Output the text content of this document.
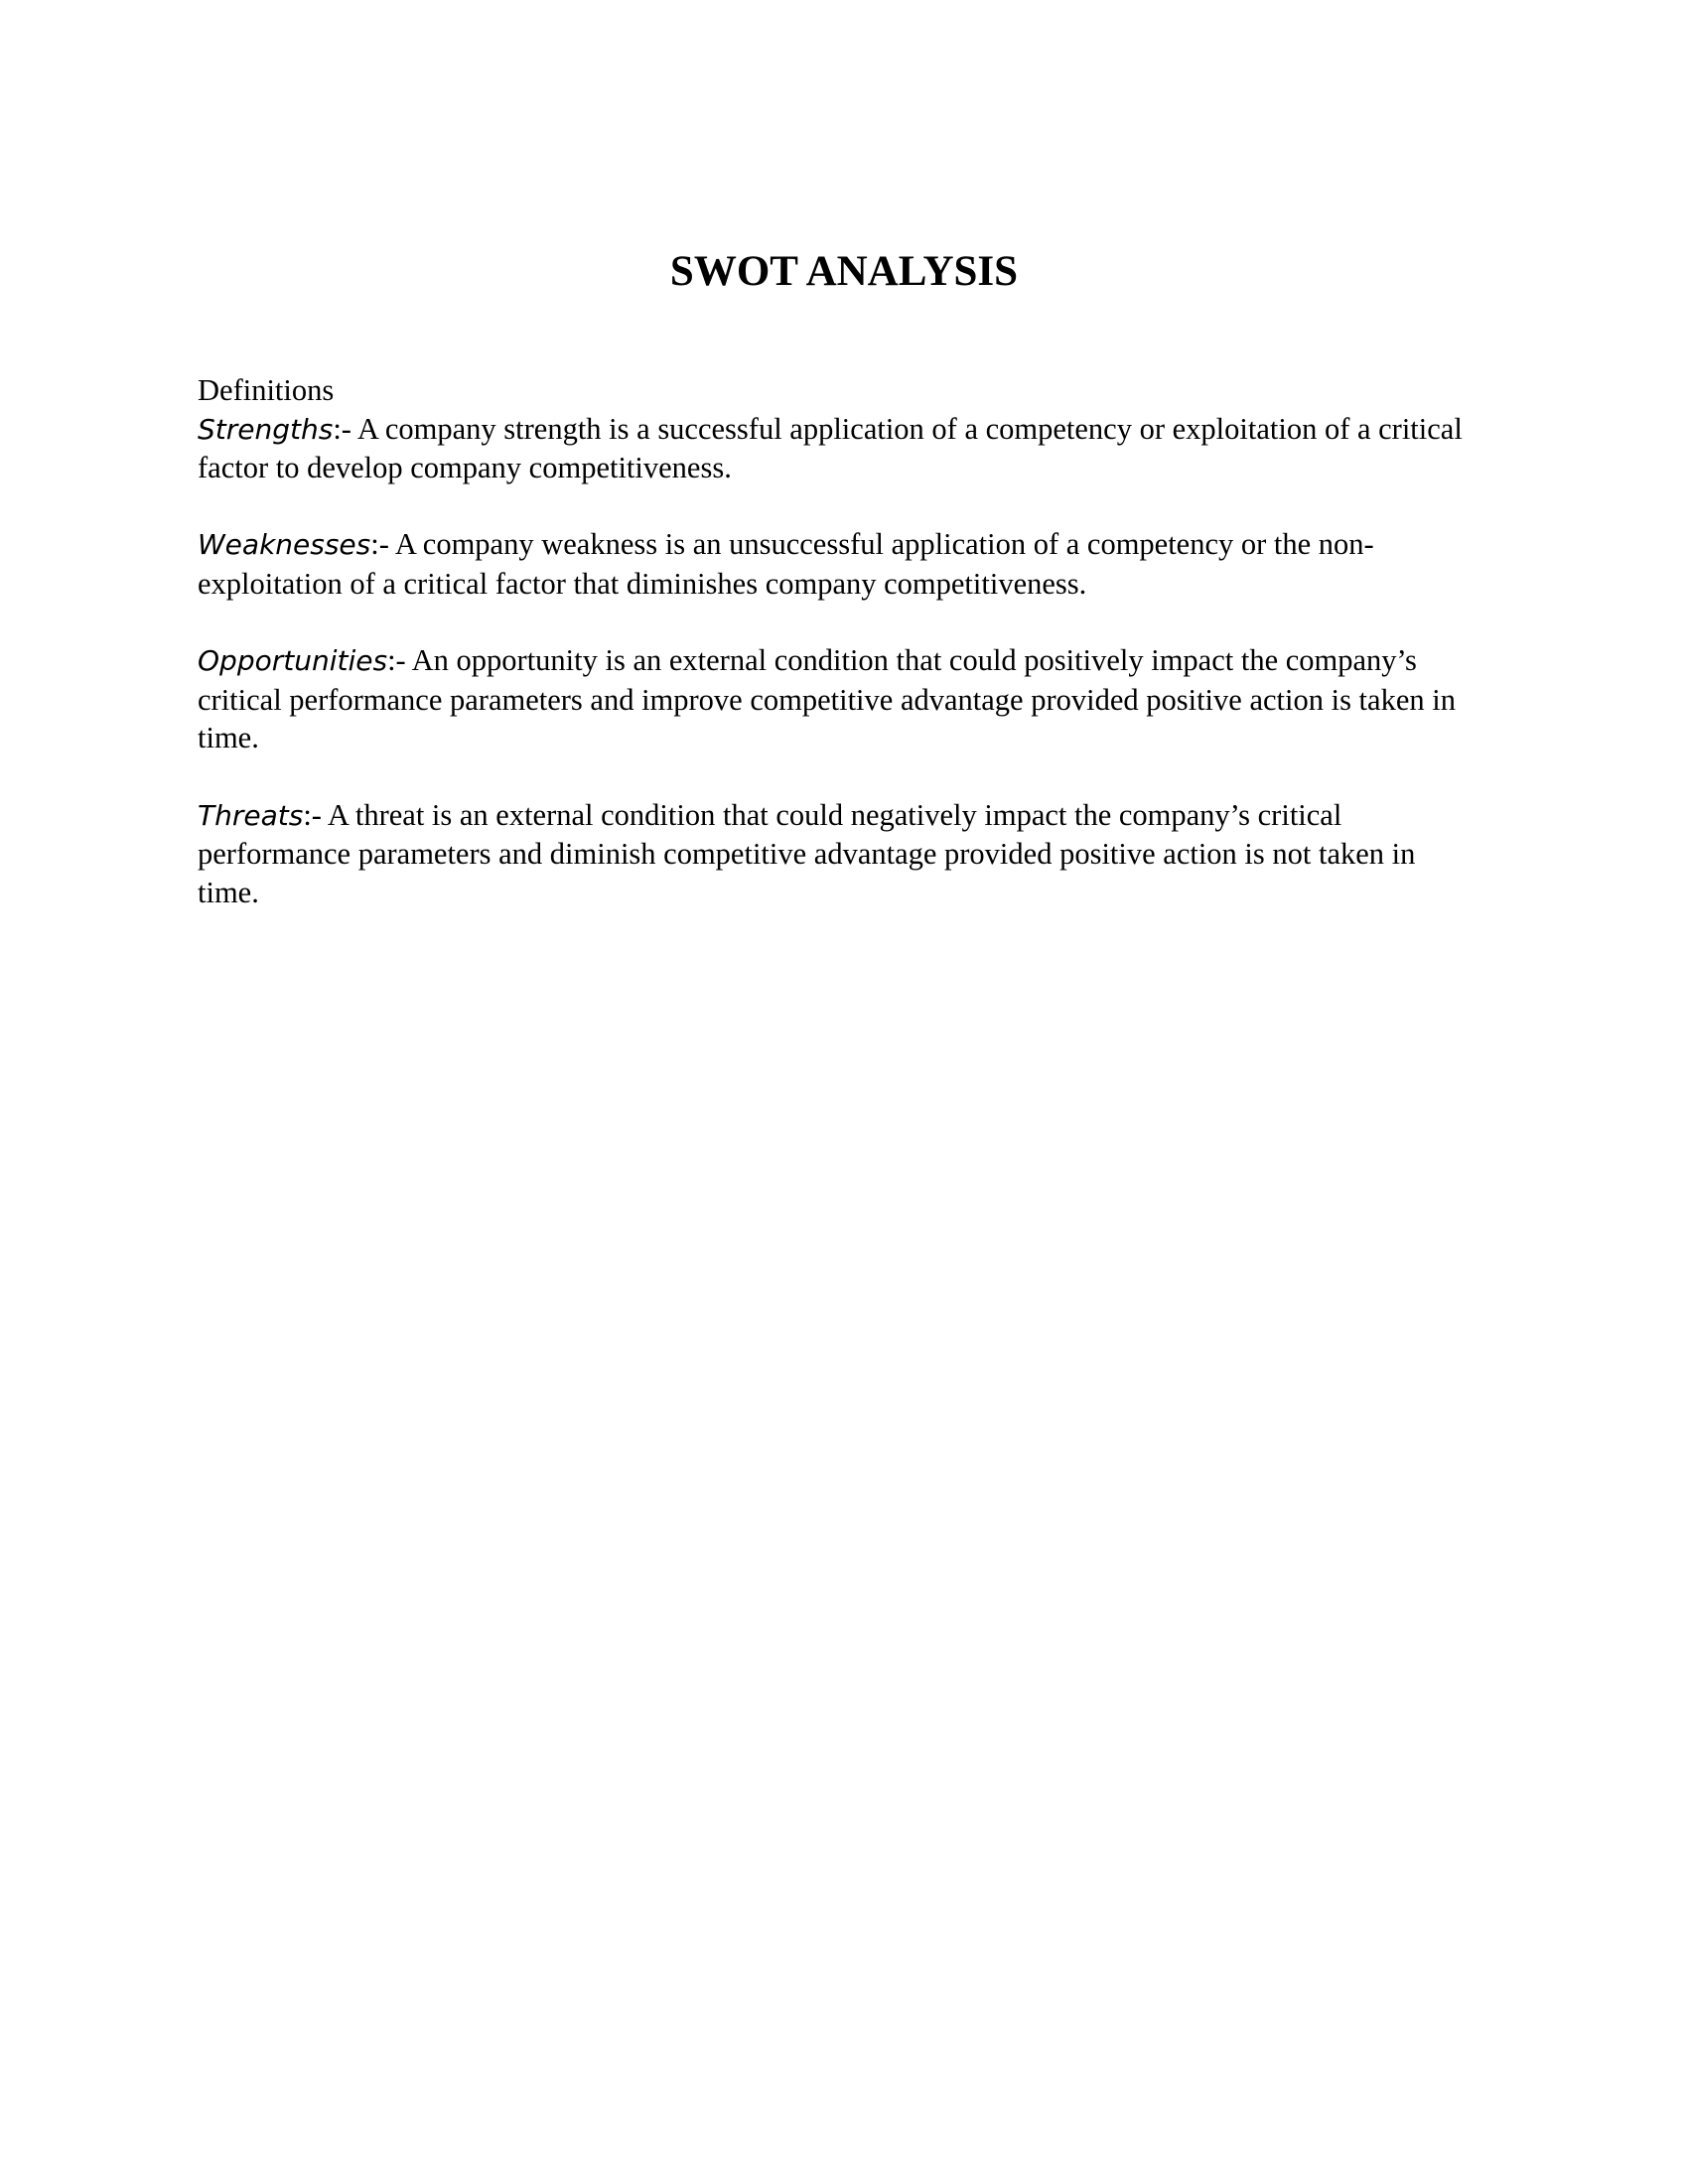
SWOT ANALYSIS

Definitions

Strengths:- A company strength is a successful application of a competency or exploitation of a critical factor to develop company competitiveness.

Weaknesses:- A company weakness is an unsuccessful application of a competency or the non-exploitation of a critical factor that diminishes company competitiveness.

Opportunities:- An opportunity is an external condition that could positively impact the company’s critical performance parameters and improve competitive advantage provided positive action is taken in time.

Threats:- A threat is an external condition that could negatively impact the company’s critical performance parameters and diminish competitive advantage provided positive action is not taken in time.
